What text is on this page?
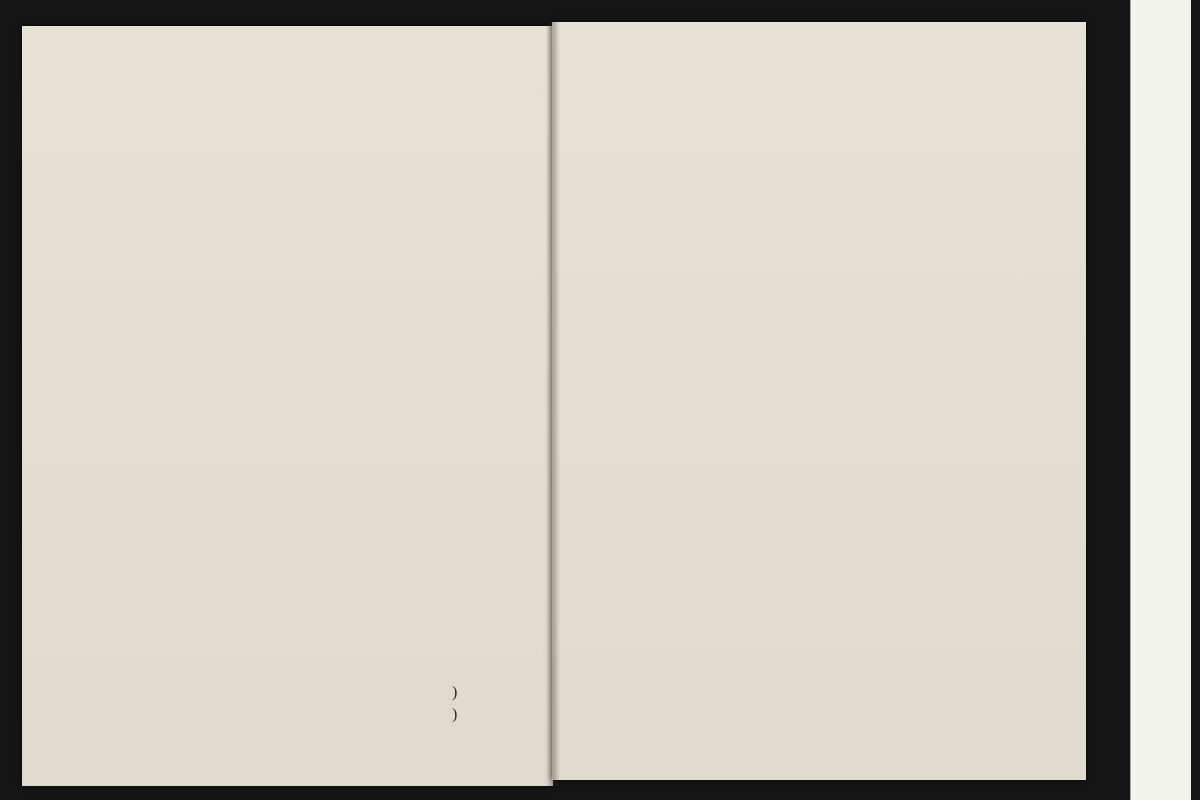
)
)
